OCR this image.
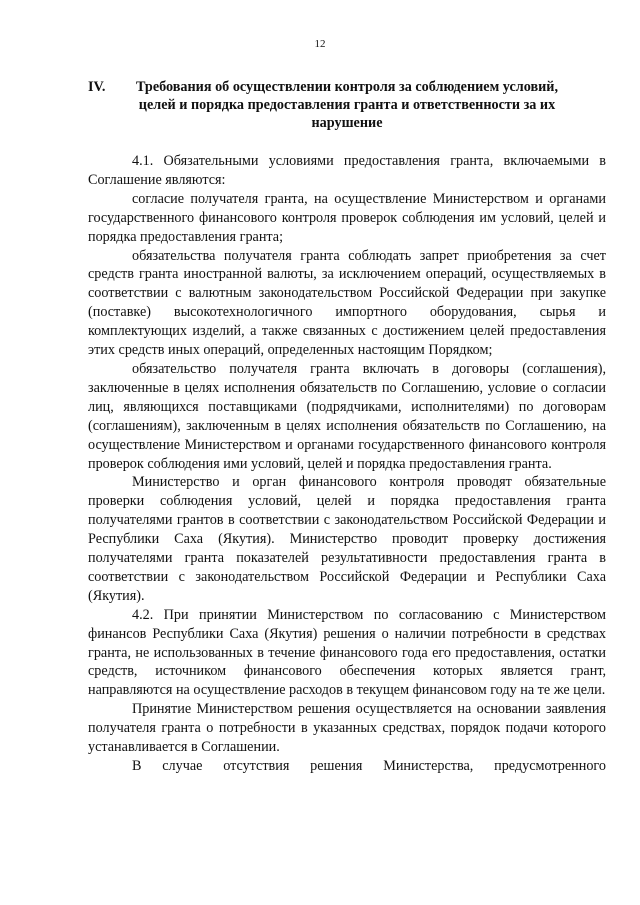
12
IV.	Требования об осуществлении контроля за соблюдением условий,
целей и порядка предоставления гранта и ответственности за их
нарушение

4.1. Обязательными условиями предоставления гранта, включаемыми в Соглашение являются:

согласие получателя гранта, на осуществление Министерством и органами государственного финансового контроля проверок соблюдения им условий, целей и порядка предоставления гранта;

обязательства получателя гранта соблюдать запрет приобретения за счет средств гранта иностранной валюты, за исключением операций, осуществляемых в соответствии с валютным законодательством Российской Федерации при закупке (поставке) высокотехнологичного импортного оборудования, сырья и комплектующих изделий, а также связанных с достижением целей предоставления этих средств иных операций, определенных настоящим Порядком;

обязательство получателя гранта включать в договоры (соглашения), заключенные в целях исполнения обязательств по Соглашению, условие о согласии лиц, являющихся поставщиками (подрядчиками, исполнителями) по договорам (соглашениям), заключенным в целях исполнения обязательств по Соглашению, на осуществление Министерством и органами государственного финансового контроля проверок соблюдения ими условий, целей и порядка предоставления гранта.

Министерство и орган финансового контроля проводят обязательные проверки соблюдения условий, целей и порядка предоставления гранта получателями грантов в соответствии с законодательством Российской Федерации и Республики Саха (Якутия). Министерство проводит проверку достижения получателями гранта показателей результативности предоставления гранта в соответствии с законодательством Российской Федерации и Республики Саха (Якутия).

4.2. При принятии Министерством по согласованию с Министерством финансов Республики Саха (Якутия) решения о наличии потребности в средствах гранта, не использованных в течение финансового года его предоставления, остатки средств, источником финансового обеспечения которых является грант, направляются на осуществление расходов в текущем финансовом году на те же цели.

Принятие Министерством решения осуществляется на основании заявления получателя гранта о потребности в указанных средствах, порядок подачи которого устанавливается в Соглашении.

В случае отсутствия решения Министерства, предусмотренного
